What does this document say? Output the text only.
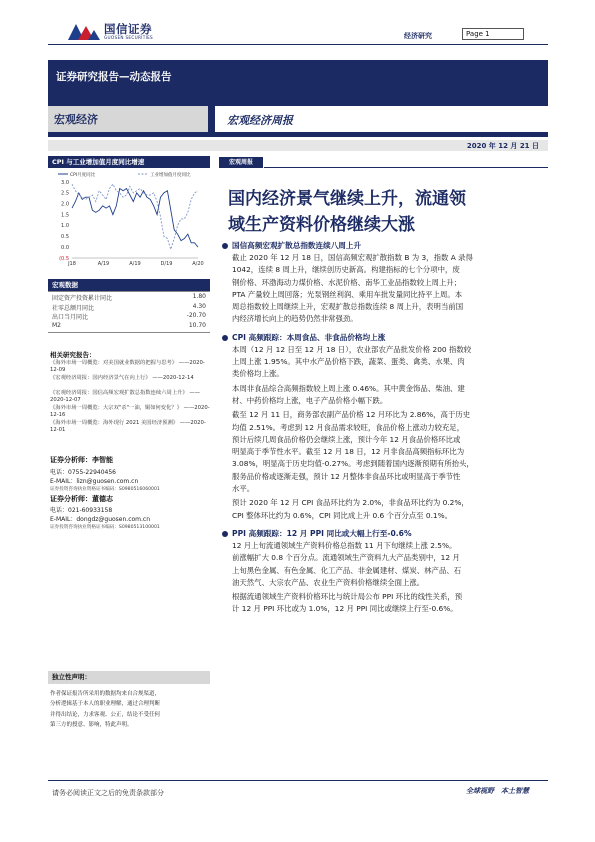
国信证券
GUOSEN SECURITIES	经济研究	Page 1
证券研究报告—动态报告
宏观经济	宏观经济周报
2020 年 12 月 21 日
CPI 与工业增加值月度同比增速
CPI月度同比	工业增加值月度同比
3.0
2.5
2.0
1.5
1.0
0.5
0.0
(0.5
J18	A/19	A/19	D/19	A/20
宏观数据
固定资产投资累计同比	1.80
社零总额月同比	4.30
出口当月同比	-20.70
M2	10.70
相关研究报告：
《海外市场一周概览：对美国就业数据的把握与思考》 ——2020-12-09
《宏观经济周报：国内经济景气在向上行》 ——2020-12-14
《宏观经济周报：国信高频宏观扩散总指数连续六周上升》 ——2020-12-07
《海外市场一周概览：大宗双"杀"一油，铜如何变化？》 ——2020-12-16
《海外市场一周概览：海外现行 2021 美国经济预测》 ——2020-12-01
证券分析师：李智能
电话：0755-22940456
E-MAIL：lizn@guosen.com.cn
证券投资咨询执业资格证书编码：S0980516060001
证券分析师：董德志
电话：021-60933158
E-MAIL：dongdz@guosen.com.cn
证券投资咨询执业资格证书编码：S0980513100001
独立性声明：
作者保证报告所采用的数据均来自合规渠道，
分析逻辑基于本人的职业理解，通过合理判断
并得出结论，力求客观、公正，结论不受任何
第三方的授意、影响，特此声明。
宏观周报
国内经济景气继续上升，流通领
域生产资料价格继续大涨
国信高频宏观扩散总指数连续八周上升
截止 2020 年 12 月 18 日，国信高频宏观扩散指数 B 为 3，指数 A 录得
1042，连续 8 周上升，继续创历史新高。构建指标的七个分项中，废
钢价格、环渤海动力煤价格、水泥价格、南华工业品指数较上周上升；
PTA 产量较上周回落；光泵钢丝利润、乘用车批发量同比持平上周。本
周总指数较上周继续上升，宏观扩散总指数连续 8 周上升，表明当前国
内经济增长向上的趋势仍然非常强劲。
CPI 高频跟踪：本周食品、非食品价格均上涨
本周（12 月 12 日至 12 月 18 日），农业部农产品批发价格 200 指数较
上周上涨 1.95%。其中水产品价格下跌，蔬菜、蛋类、禽类、水果、肉
类价格均上涨。
本周非食品综合高频指数较上周上涨 0.46%。其中黄金饰品、柴油、建
材、中药价格均上涨，电子产品价格小幅下跌。
截至 12 月 11 日，商务部农副产品价格 12 月环比为 2.86%，高于历史
均值 2.51%。考虑到 12 月食品需求较旺，食品价格上涨动力较充足，
预计后续几周食品价格仍会继续上涨，预计今年 12 月食品价格环比或
明显高于季节性水平。截至 12 月 18 日，12 月非食品高频指标环比为
3.08%，明显高于历史均值-0.27%。考虑到随着国内逐渐预期有所抬头，
服务品价格或逐渐走强，预计 12 月整体非食品环比或明显高于季节性
水平。
预计 2020 年 12 月 CPI 食品环比约为 2.0%，非食品环比约为 0.2%，
CPI 整体环比约为 0.6%，CPI 同比成上升 0.6 个百分点至 0.1%。
PPI 高频跟踪：12 月 PPI 同比或大幅上行至-0.6%
12 月上旬流通领域生产资料价格总指数 11 月下旬继续上涨 2.5%。
前涨幅扩大 0.8 个百分点。流通领域生产资料九大产品类别中，12 月
上旬黑色金属、有色金属、化工产品、非金属建材、煤炭、林产品、石
油天然气、大宗农产品、农业生产资料价格继续全面上涨。
根据流通领域生产资料价格环比与统计局公布 PPI 环比的线性关系，预
计 12 月 PPI 环比或为 1.0%，12 月 PPI 同比或继续上行至-0.6%。
请务必阅读正文之后的免责条款部分	全球视野　本土智慧
